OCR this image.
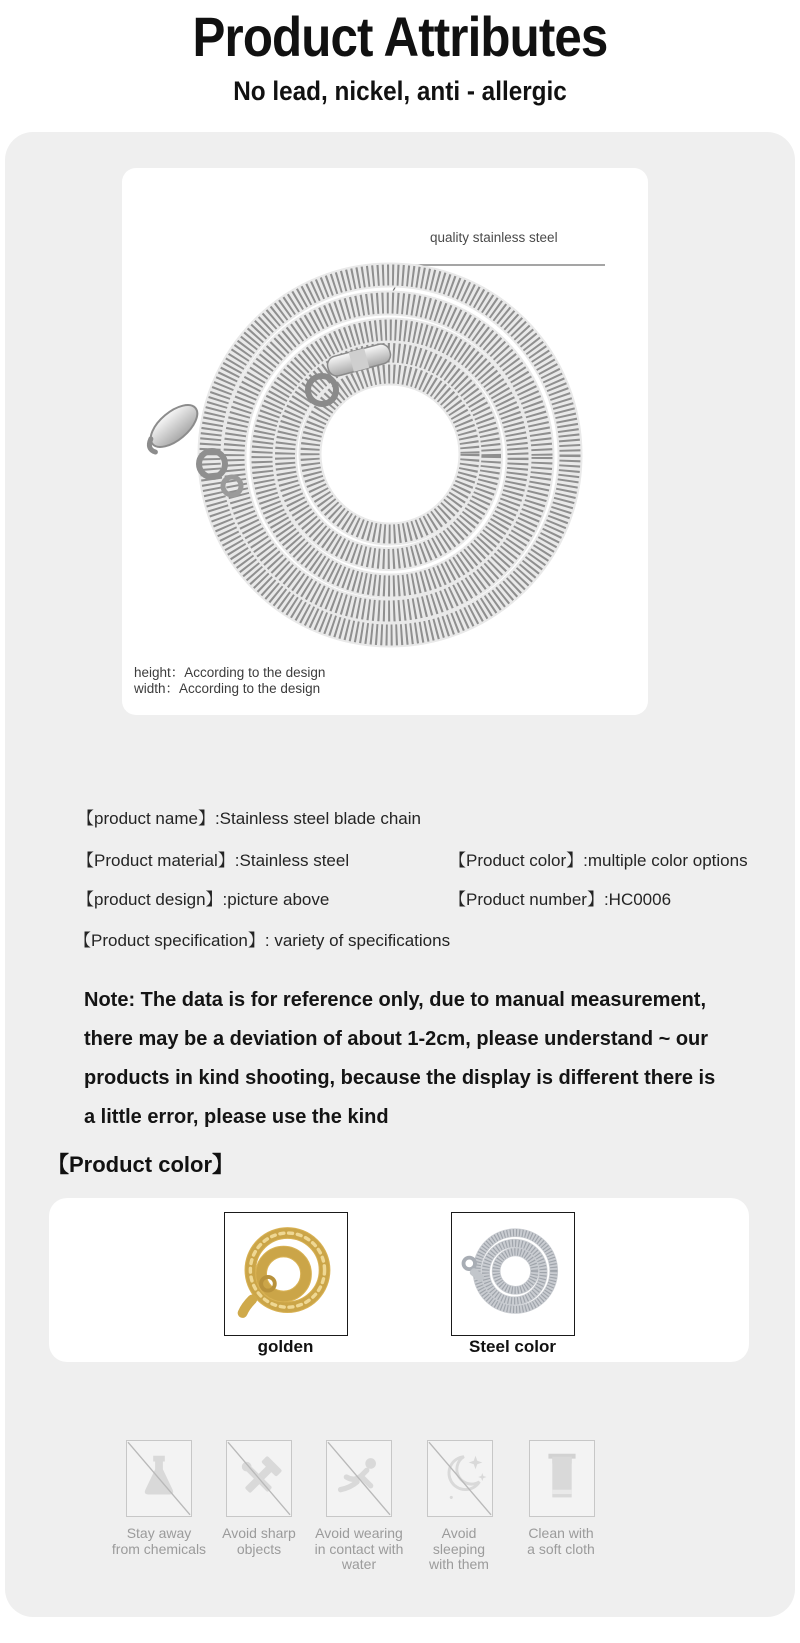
Product Attributes
No lead, nickel, anti - allergic
quality stainless steel
height：According to the design
width：According to the design
【product name】:Stainless steel blade chain
【Product material】:Stainless steel	【Product color】:multiple color options
【product design】:picture above	【Product number】:HC0006
【Product specification】: variety of specifications
Note: The data is for reference only, due to manual measurement,
there may be a deviation of about 1-2cm, please understand ~ our
products in kind shooting, because the display is different there is
a little error, please use the kind
【Product color】
golden	Steel color
Stay away
from chemicals
Avoid sharp
objects
Avoid wearing
in contact with
water
Avoid
sleeping
with them
Clean with
a soft cloth
